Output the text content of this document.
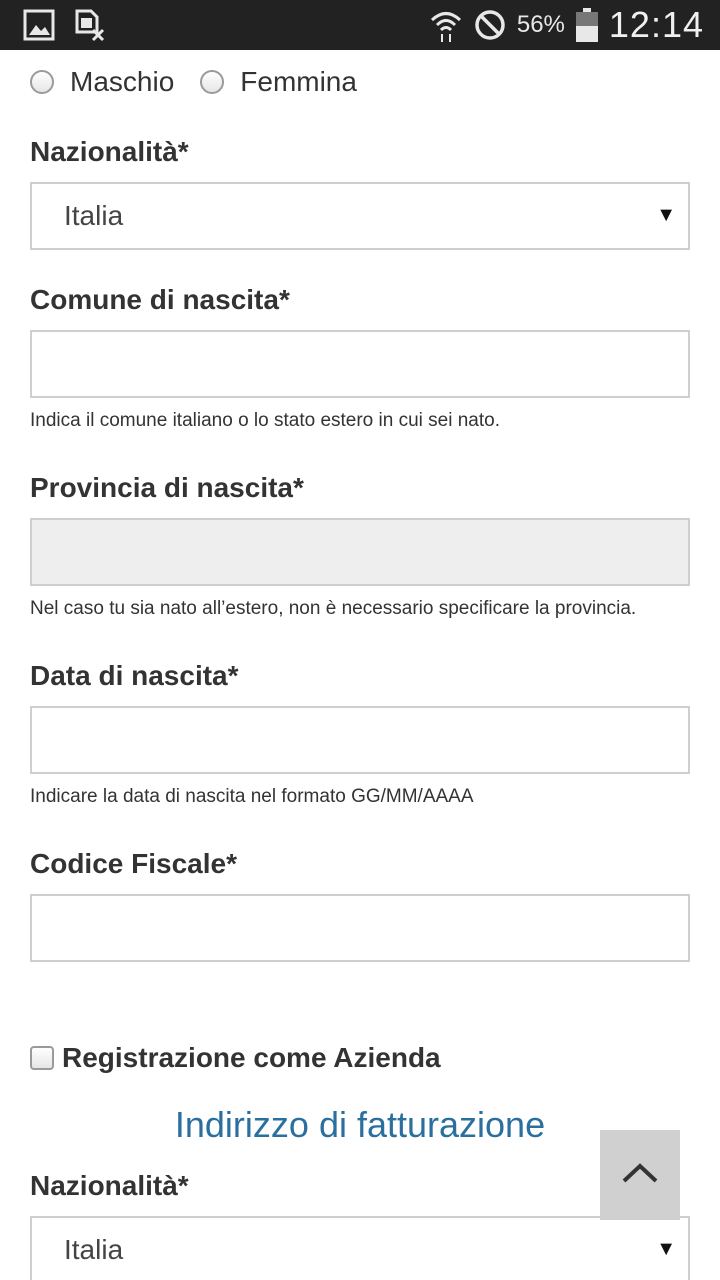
56% 12:14
Maschio Femmina
Nazionalità*
Italia	▼
Comune di nascita*
Indica il comune italiano o lo stato estero in cui sei nato.
Provincia di nascita*
Nel caso tu sia nato all’estero, non è necessario specificare la provincia.
Data di nascita*
Indicare la data di nascita nel formato GG/MM/AAAA
Codice Fiscale*
Registrazione come Azienda
Indirizzo di fatturazione
Nazionalità*
Italia	▼
